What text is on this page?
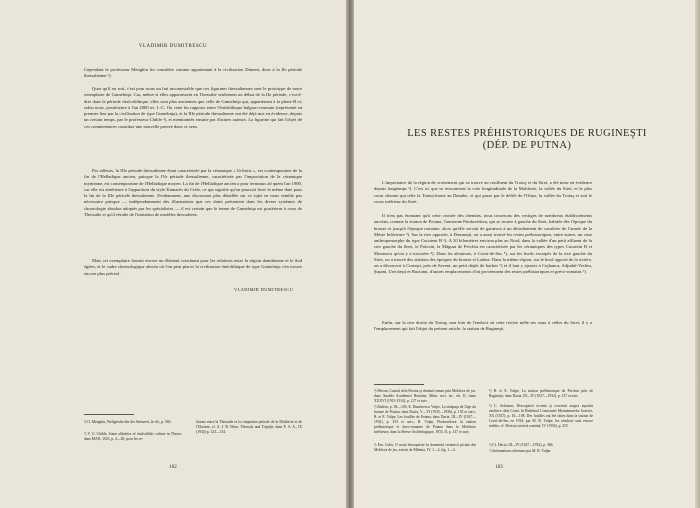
VLADIMIR DUMITRESCU

Cependant le professeur Menghin les considère comme appartenant à la civilisation Dimeni, donc à la IIe période thessalienne ¹).

Quoi qu'il en soit, c'est pour nous un fait incontestable que ces figurines thessaliennes sont le prototype de notre exemplaire de Gumelniţa. Car, même si elles apparaissent en Thessalie seulement au début de la IIe période, c'est-à-dire dans la période chalcolithique, elles sont plus anciennes que celle de Gumelniţa qui, appartenant à la phase B et, selon nous, postérieure à l'an 2000 av. J.-C. Ou cette les rapports entre l'énéolithique bulgaro-roumain (représenté en premier lieu par la civilisation de type Gumelniţa), et la IIIe période thessalienne ont été déjà mis en évidence, depuis un certain temps, par le professeur Childe ²), et mentionnés ensuite par d'autres auteurs. La figurine qui fait l'objet de ces commentaires constitue une nouvelle preuve dans ce sens.

Par ailleurs, la IIIe période thessalienne étant caractérisée par la céramique « Urfirnis », est contemporaine de la fin de l'Helladique ancien, puisque la IVe période thessalienne, caractérisée par l'importation de la céramique mynienne, est contemporaine de l'Helladique moyen. La fin de l'Helladique ancien a pour terminus ad quem l'an 1900, car elle est antérieure à l'apparition du style Kamarès du Crète, ce qui signifie qu'on pourrait fixer la même date pour la fin de la IIIe période thessalienne. Evidemment, une discussion plus détaillée sur ce sujet ne nous semble pas nécessaire puisque — indépendamment des illustrations que ces dates présentent dans les divers systèmes de chronologie absolue adoptés par les spécialistes — il est certain que le terme de Gumelniţa est postérieur à ceux de Thessalie et qu'il résulte de l'imitation de modèles thessaliens.

Mais cet exemplaire fournit encore un élément concluant pour les relations entre la région danubienne et le Sud égéen, et le cadre chronologique absolu où l'on peut placer la civilisation énéolithique de type Gumelniţa s'en trouve encore plus précisé.

VLADIMIR DUMITRESCU

¹) O. Menghin, Weltgeschichte der Steinzeit, 2e éd., p. 560.

²) V. G. Childe, Some affinities of chalcolithic culture in Thrace, dans MAN, 1923, p. 4—20; pour les re-

lations entre la Thessalie et la cinquième période de la Moldavie et de l'Ukraine, cf. A. J. B. Wace, Thessaly and Tripolje, dans E. S. A., IX (1934) p. 123—134.

102
LES RESTES PRÉHISTORIQUES DE RUGINEŞTI
(DÉP. DE PUTNA)

L'importance de la région de croisement qui se trouve au confluent du Trotuş et du Siret, a été mise en évidence depuis longtemps ¹). C'est ici que se rencontrent la voie longitudinale de la Moldavie, la vallée du Siret, et le plus court chemin qui relie la Transylvanie au Danube, et qui passe par le défilé de l'Oituz, la vallée du Trotuş et suit le cours inférieur du Siret.

Il n'est pas étonnant qu'à cette croisée des chemins, nous trouvions des vestiges de nombreux établissements anciens, comme la station de Poiana, l'ancienne Piroboridava, qui se trouve à gauche du Siret, habitée dès l'époque du bronze et jusqu'à l'époque romaine, alors qu'elle servait de garnison à un détachement de cavalerie de l'armée de la Mésie Inférieure ²). Sur la rive opposée, à Domneşti, on a aussi trouvé les restes préhistoriques, entre autres, un vase anthropomorphe du type Cucuteni B ³). A 20 kilomètres environ plus au Nord, dans la vallée d'un petit affluent de la rive gauche du Siret, le Polocin, la Măgura de Perchiu est caractérisée par les céramiques des types Cucuteni B et Monteoru qu'on y a trouvées ⁴). Dans les alentours, à Corni-de-Sus ⁵), sur les bords escarpés de la rive gauche du Siret, on a trouvé des stations des époques du bronze et Latène. Dans la même région, sur le bord opposé de la rivière, on a découvert à Costeşti, près de Savent, un petit dépôt de haches ⁶) et il faut y ajouter à Coţhanca, Adjudul-Vechiu, Şuşani, Urecheşti et Buciumi, d'autres emplacements d'où proviennent des restes préhistoriques et gréco-romains ⁷).

Enfin, sur la rive droite du Trotuş, non loin de l'endroit où cette rivière mêle ses eaux à celles du Siret, il y a l'emplacement qui fait l'objet du présent article: la station de Rugineşti.

¹) Pârvan, Castrul dela Poiana şi drumul roman prin Moldova de jos, dans Analele Academiei Române, Mém. sect. ist., sér. II, tome XXXVI (1913-1914), p. 127 et suiv.

²) Ibidem, p. 94—103; E. Dumitrescu Vulpe, La sărăpuţa de l'âge du bronze de Poiana, dans Dacia, V—VI (1935—1936), p. 135 et suiv.; R. et E. Vulpe, Les fouilles de Poiana, dans Dacia, III—IV (1927—1932), p. 253 et suiv.; R. Vulpe, Piroboridava: la station préhistorique et daco-romaine de Poiana dans la Moldavie inférieure, dans la Revue Archéologique, 1933, II, p. 137 et suiv.

³) Em. Coliu, O nouă descoperire în domeniul ceramicii pictate din Moldova de jos, extrait de Milenia, IV, 1—2, fig. 1—4.

⁴) R. et E. Vulpe, La station préhistorique de Perchiu près de Rugineşti, dans Dacia, III—IV (1927—1932), p. 137 et suiv.

⁵) C. Solomon, Descoperiri recente şi cercetări asupra aşezării neolitice dela Corni, în Buletinul Comisiunii Monumentelor Istorice, XX (1927), p. 10—108. Des fouilles ont été faites dans la station de Corni-de-Sus en 1934, par M. R. Vulpe; les résultats sont encore inédits; cf. Revista istorică română, IV (1934), p. 255.

⁶) Cf. Dacia, III—IV (1927—1932), p. 366.

⁷) Informations obtenues par M. R. Vulpe.

103
